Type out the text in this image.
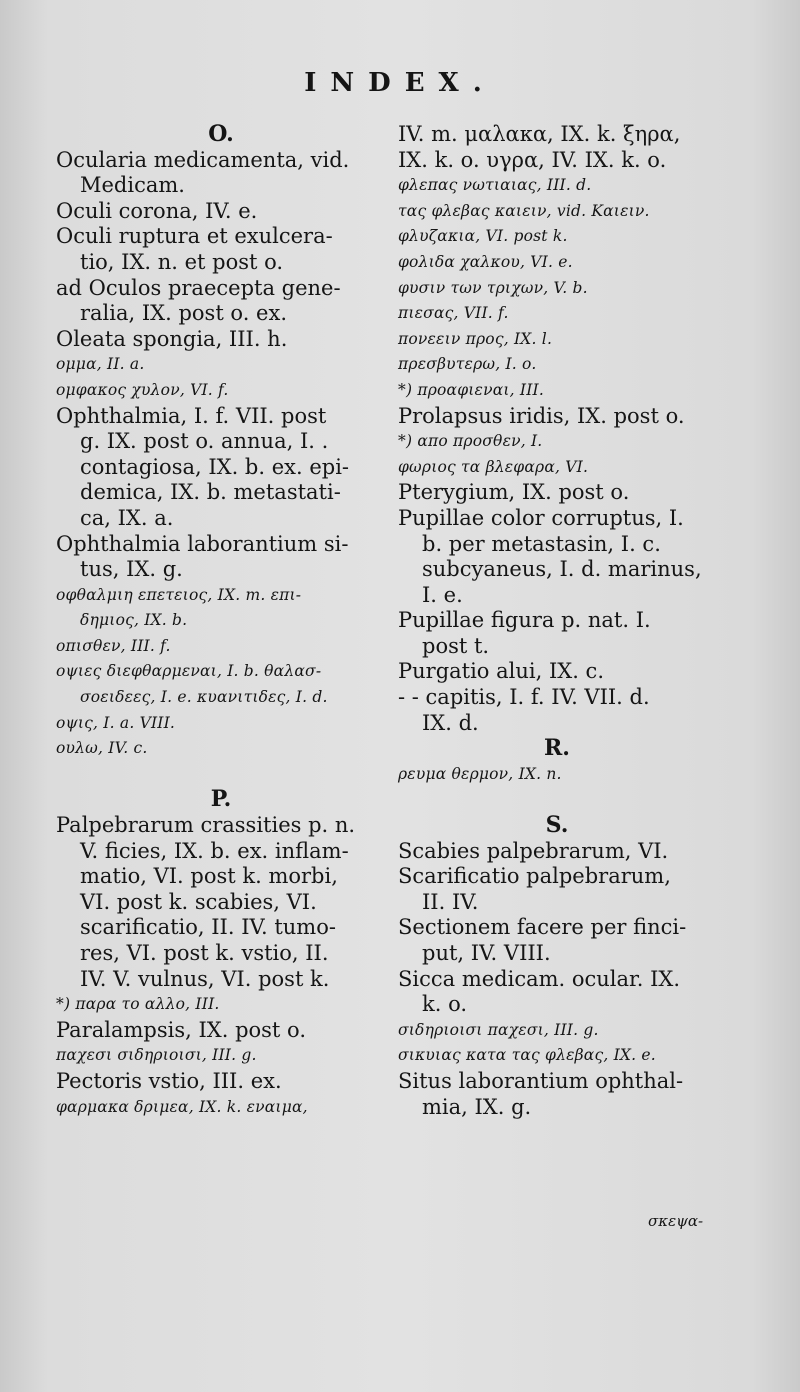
INDEX.
O.
Ocularia medicamenta, vid.
Medicam.
Oculi corona, IV. e.
Oculi ruptura et exulcera-
tio, IX. n. et post o.
ad Oculos praecepta gene-
ralia, IX. post o. ex.
Oleata spongia, III. h.
ομμα, II. a.
ομφακος χυλον, VI. f.
Ophthalmia, I. f. VII. post
g. IX. post o. annua, I. .
contagiosa, IX. b. ex. epi-
demica, IX. b. metastati-
ca, IX. a.
Ophthalmia laborantium si-
tus, IX. g.
οφθαλμιη επετειος, IX. m. επι-
δημιος, IX. b.
οπισθεν, III. f.
οψιες διεφθαρμεναι, I. b. θαλασ-
σοειδεες, I. e. κυανιτιδες, I. d.
οψις, I. a. VIII.
ουλω, IV. c.
P.
Palpebrarum crassities p. n.
V. ficies, IX. b. ex. inflam-
matio, VI. post k. morbi,
VI. post k. scabies, VI.
scarificatio, II. IV. tumo-
res, VI. post k. vstio, II.
IV. V. vulnus, VI. post k.
*) παρα το αλλο, III.
Paralampsis, IX. post o.
παχεσι σιδηριοισι, III. g.
Pectoris vstio, III. ex.
φαρμακα δριμεα, IX. k. εναιμα,
IV. m. μαλακα, IX. k. ξηρα,
IX. k. o. υγρα, IV. IX. k. o.
φλεπας νωτιαιας, III. d.
τας φλεβας καιειν, vid. Καιειν.
φλυζακια, VI. post k.
φολιδα χαλκου, VI. e.
φυσιν των τριχων, V. b.
πιεσας, VII. f.
πονεειν προς, IX. l.
πρεσβυτερω, I. o.
*) προαφιεναι, III.
Prolapsus iridis, IX. post o.
*) απο προσθεν, I.
φωριος τα βλεφαρα, VI.
Pterygium, IX. post o.
Pupillae color corruptus, I.
b. per metastasin, I. c.
subcyaneus, I. d. marinus,
I. e.
Pupillae figura p. nat. I.
post t.
Purgatio alui, IX. c.
- - capitis, I. f. IV. VII. d.
IX. d.
R.
ρευμα θερμον, IX. n.
S.
Scabies palpebrarum, VI.
Scarificatio palpebrarum,
II. IV.
Sectionem facere per finci-
put, IV. VIII.
Sicca medicam. ocular. IX.
k. o.
σιδηριοισι παχεσι, III. g.
σικυιας κατα τας φλεβας, IX. e.
Situs laborantium ophthal-
mia, IX. g.
σκεψα-
